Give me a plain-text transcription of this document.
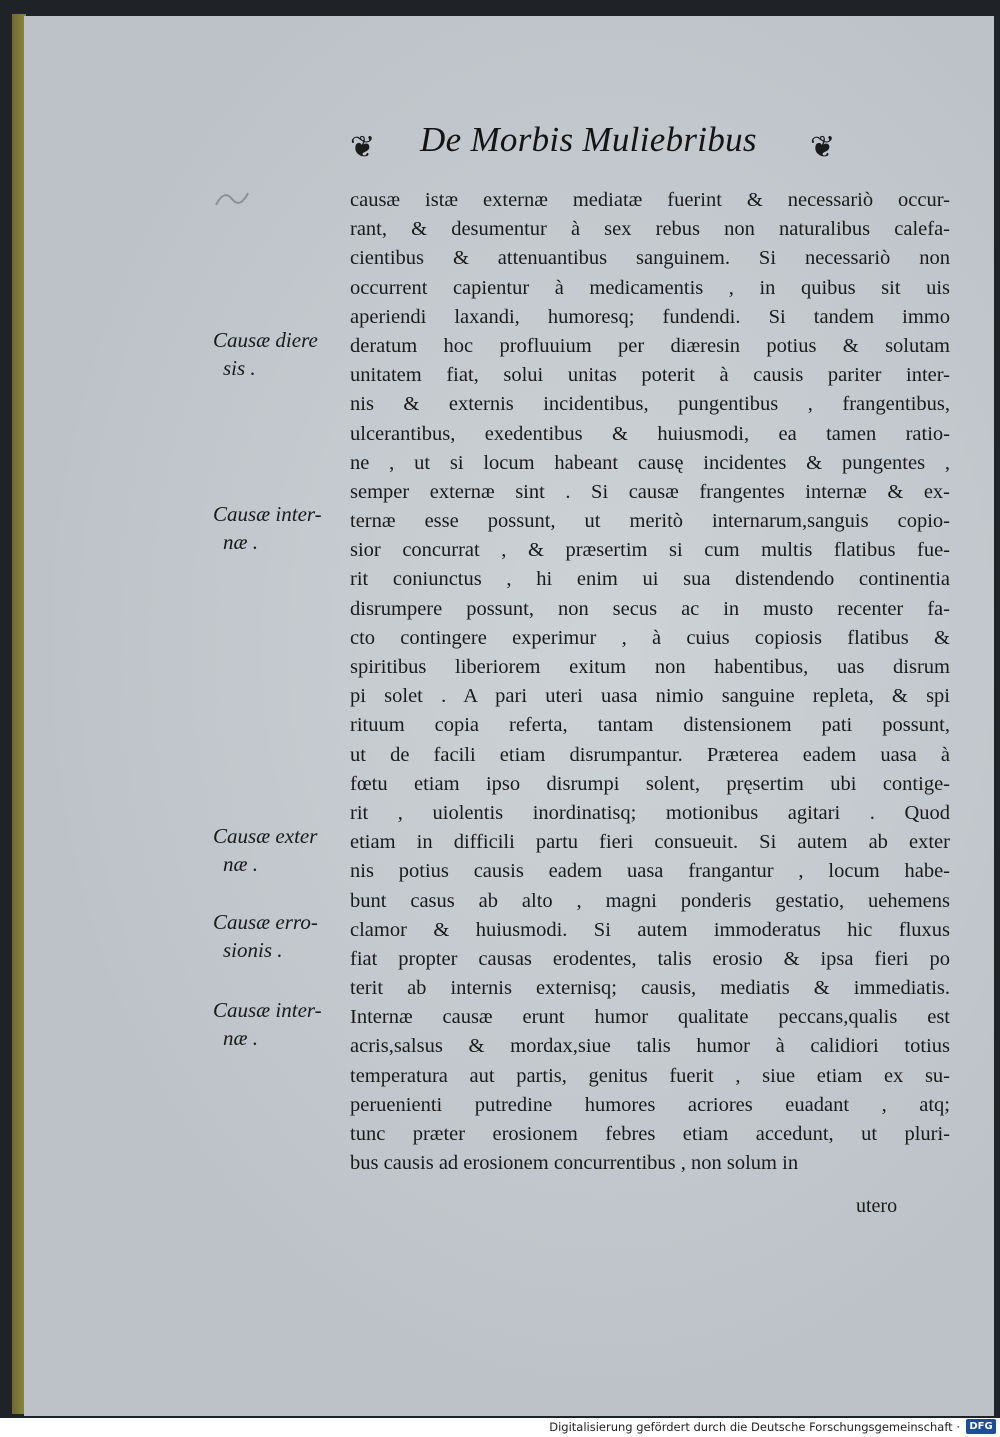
❦ De Morbis Muliebribus	❦
causæ istæ externæ mediatæ fuerint & necessariò occur-
rant, & desumentur à sex rebus non naturalibus calefa-
cientibus & attenuantibus sanguinem. Si necessariò non
occurrent capientur à medicamentis , in quibus sit uis
aperiendi laxandi, humoresq; fundendi. Si tandem immo
deratum hoc profluuium per diæresin potius & solutam
unitatem fiat, solui unitas poterit à causis pariter inter-
nis & externis incidentibus, pungentibus , frangentibus,
ulcerantibus, exedentibus & huiusmodi, ea tamen ratio-
ne , ut si locum habeant causę incidentes & pungentes ,
semper externæ sint . Si causæ frangentes internæ & ex-
ternæ esse possunt, ut meritò internarum,sanguis copio-
sior concurrat , & præsertim si cum multis flatibus fue-
rit coniunctus , hi enim ui sua distendendo continentia
disrumpere possunt, non secus ac in musto recenter fa-
cto contingere experimur , à cuius copiosis flatibus &
spiritibus liberiorem exitum non habentibus, uas disrum
pi solet . A pari uteri uasa nimio sanguine repleta, & spi
rituum copia referta, tantam distensionem pati possunt,
ut de facili etiam disrumpantur. Præterea eadem uasa à
fœtu etiam ipso disrumpi solent, pręsertim ubi contige-
rit , uiolentis inordinatisq; motionibus agitari . Quod
etiam in difficili partu fieri consueuit. Si autem ab exter
nis potius causis eadem uasa frangantur , locum habe-
bunt casus ab alto , magni ponderis gestatio, uehemens
clamor & huiusmodi. Si autem immoderatus hic fluxus
fiat propter causas erodentes, talis erosio & ipsa fieri po
terit ab internis externisq; causis, mediatis & immediatis.
Internæ causæ erunt humor qualitate peccans,qualis est
acris,salsus & mordax,siue talis humor à calidiori totius
temperatura aut partis, genitus fuerit , siue etiam ex su-
peruenienti putredine humores acriores euadant , atq;
tunc præter erosionem febres etiam accedunt, ut pluri-
bus causis ad erosionem concurrentibus , non solum in
Causæ diere
sis .
Causæ inter-
næ .
Causæ exter
næ .
Causæ erro-
sionis .
Causæ inter-
næ .
utero
Digitalisierung gefördert durch die Deutsche Forschungsgemeinschaft · DFG
